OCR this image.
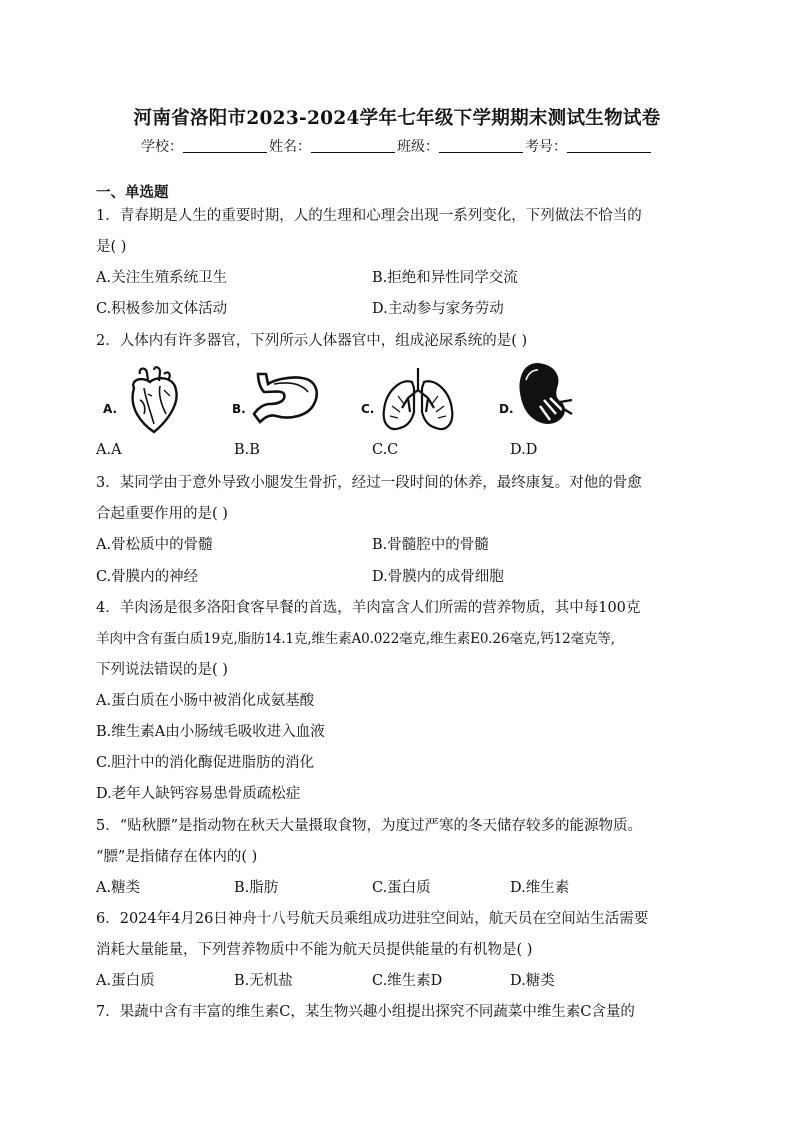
河南省洛阳市2023-2024学年七年级下学期期末测试生物试卷
学校：	姓名：	班级：	考号：
一、单选题
1．青春期是人生的重要时期，人的生理和心理会出现一系列变化，下列做法不恰当的
是( )
A.关注生殖系统卫生	B.拒绝和异性同学交流
C.积极参加文体活动	D.主动参与家务劳动
2．人体内有许多器官，下列所示人体器官中，组成泌尿系统的是( )
A.	B.	C.	D.
A.A	B.B	C.C	D.D
3．某同学由于意外导致小腿发生骨折，经过一段时间的休养，最终康复。对他的骨愈
合起重要作用的是( )
A.骨松质中的骨髓	B.骨髓腔中的骨髓
C.骨膜内的神经	D.骨膜内的成骨细胞
4．羊肉汤是很多洛阳食客早餐的首选，羊肉富含人们所需的营养物质，其中每100克
羊肉中含有蛋白质19克,脂肪14.1克,维生素A0.022毫克,维生素E0.26毫克,钙12毫克等,
下列说法错误的是( )
A.蛋白质在小肠中被消化成氨基酸
B.维生素A由小肠绒毛吸收进入血液
C.胆汁中的消化酶促进脂肪的消化
D.老年人缺钙容易患骨质疏松症
5．“贴秋膘”是指动物在秋天大量摄取食物，为度过严寒的冬天储存较多的能源物质。
“膘”是指储存在体内的( )
A.糖类	B.脂肪	C.蛋白质	D.维生素
6．2024年4月26日神舟十八号航天员乘组成功进驻空间站，航天员在空间站生活需要
消耗大量能量，下列营养物质中不能为航天员提供能量的有机物是( )
A.蛋白质	B.无机盐	C.维生素D	D.糖类
7．果蔬中含有丰富的维生素C，某生物兴趣小组提出探究不同蔬菜中维生素C含量的
